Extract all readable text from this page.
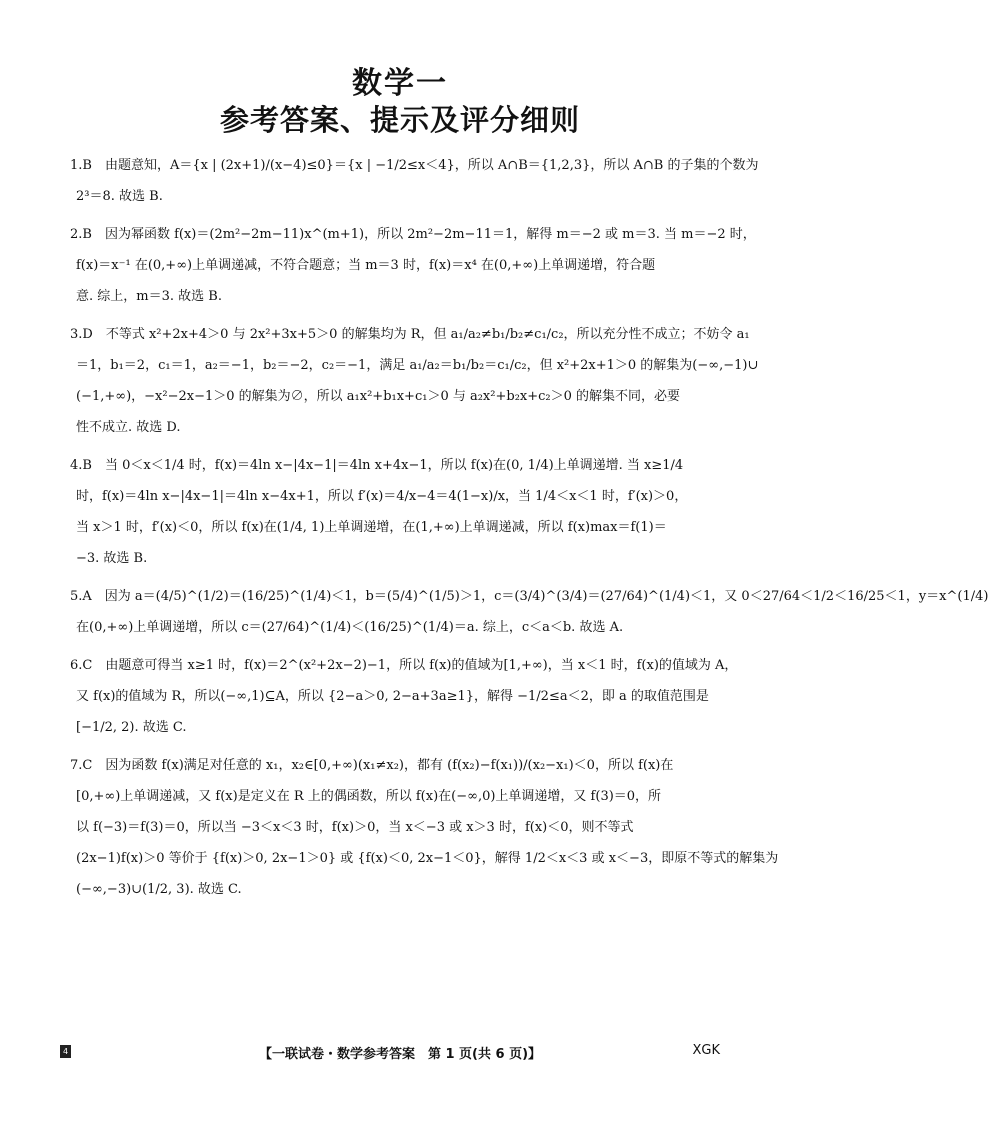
数学一
参考答案、提示及评分细则
1.B　由题意知，A＝{x | (2x+1)/(x−4)≤0}＝{x | −1/2≤x＜4}，所以 A∩B＝{1,2,3}，所以 A∩B 的子集的个数为
2³＝8. 故选 B.
2.B　因为幂函数 f(x)＝(2m²−2m−11)x^(m+1)，所以 2m²−2m−11＝1，解得 m＝−2 或 m＝3. 当 m＝−2 时，
f(x)＝x⁻¹ 在(0,+∞)上单调递减，不符合题意；当 m＝3 时，f(x)＝x⁴ 在(0,+∞)上单调递增，符合题
意. 综上，m＝3. 故选 B.
3.D　不等式 x²+2x+4＞0 与 2x²+3x+5＞0 的解集均为 R，但 a₁/a₂≠b₁/b₂≠c₁/c₂，所以充分性不成立；不妨令 a₁
＝1，b₁＝2，c₁＝1，a₂＝−1，b₂＝−2，c₂＝−1，满足 a₁/a₂＝b₁/b₂＝c₁/c₂，但 x²+2x+1＞0 的解集为(−∞,−1)∪
(−1,+∞)，−x²−2x−1＞0 的解集为∅，所以 a₁x²+b₁x+c₁＞0 与 a₂x²+b₂x+c₂＞0 的解集不同，必要
性不成立. 故选 D.
4.B　当 0＜x＜1/4 时，f(x)＝4ln x−|4x−1|＝4ln x+4x−1，所以 f(x)在(0, 1/4)上单调递增. 当 x≥1/4
时，f(x)＝4ln x−|4x−1|＝4ln x−4x+1，所以 f′(x)＝4/x−4＝4(1−x)/x，当 1/4＜x＜1 时，f′(x)＞0，
当 x＞1 时，f′(x)＜0，所以 f(x)在(1/4, 1)上单调递增，在(1,+∞)上单调递减，所以 f(x)max＝f(1)＝
−3. 故选 B.
5.A　因为 a＝(4/5)^(1/2)＝(16/25)^(1/4)＜1，b＝(5/4)^(1/5)＞1，c＝(3/4)^(3/4)＝(27/64)^(1/4)＜1，又 0＜27/64＜1/2＜16/25＜1，y＝x^(1/4)
在(0,+∞)上单调递增，所以 c＝(27/64)^(1/4)＜(16/25)^(1/4)＝a. 综上，c＜a＜b. 故选 A.
6.C　由题意可得当 x≥1 时，f(x)＝2^(x²+2x−2)−1，所以 f(x)的值域为[1,+∞)，当 x＜1 时，f(x)的值域为 A，
又 f(x)的值域为 R，所以(−∞,1)⊆A，所以 {2−a＞0, 2−a+3a≥1}，解得 −1/2≤a＜2，即 a 的取值范围是
[−1/2, 2). 故选 C.
7.C　因为函数 f(x)满足对任意的 x₁，x₂∈[0,+∞)(x₁≠x₂)，都有 (f(x₂)−f(x₁))/(x₂−x₁)＜0，所以 f(x)在
[0,+∞)上单调递减，又 f(x)是定义在 R 上的偶函数，所以 f(x)在(−∞,0)上单调递增，又 f(3)＝0，所
以 f(−3)＝f(3)＝0，所以当 −3＜x＜3 时，f(x)＞0，当 x＜−3 或 x＞3 时，f(x)＜0，则不等式
(2x−1)f(x)＞0 等价于 {f(x)＞0, 2x−1＞0} 或 {f(x)＜0, 2x−1＜0}，解得 1/2＜x＜3 或 x＜−3，即原不等式的解集为
(−∞,−3)∪(1/2, 3). 故选 C.
4	【一联试卷・数学参考答案　第 1 页(共 6 页)】	XGK
